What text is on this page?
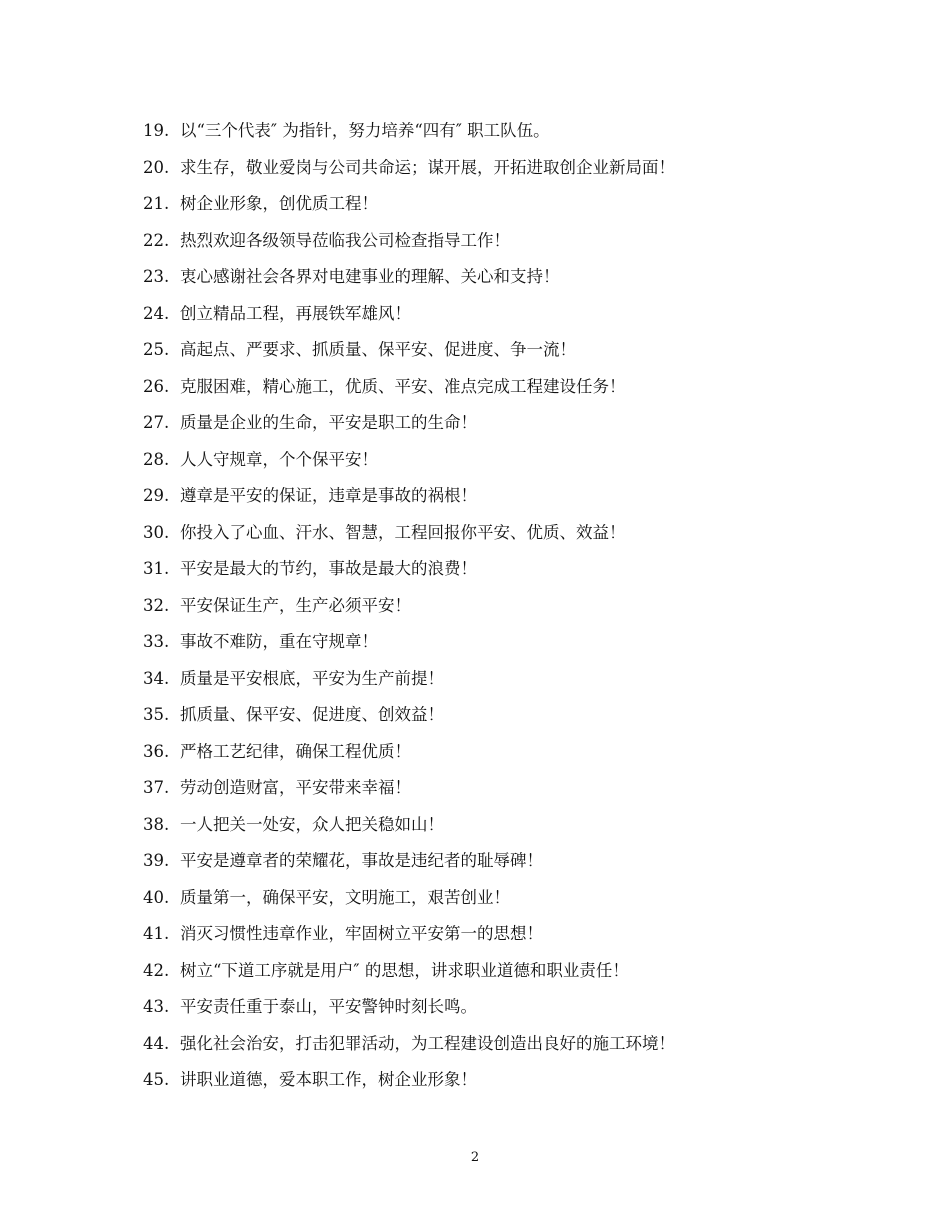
19. 以“三个代表″ 为指针，努力培养“四有″ 职工队伍。
20. 求生存，敬业爱岗与公司共命运；谋开展，开拓进取创企业新局面！
21. 树企业形象，创优质工程！
22. 热烈欢迎各级领导莅临我公司检查指导工作！
23. 衷心感谢社会各界对电建事业的理解、关心和支持！
24. 创立精品工程，再展铁军雄风！
25. 高起点、严要求、抓质量、保平安、促进度、争一流！
26. 克服困难，精心施工，优质、平安、准点完成工程建设任务！
27. 质量是企业的生命，平安是职工的生命！
28. 人人守规章，个个保平安！
29. 遵章是平安的保证，违章是事故的祸根！
30. 你投入了心血、汗水、智慧，工程回报你平安、优质、效益！
31. 平安是最大的节约，事故是最大的浪费！
32. 平安保证生产，生产必须平安！
33. 事故不难防，重在守规章！
34. 质量是平安根底，平安为生产前提！
35. 抓质量、保平安、促进度、创效益！
36. 严格工艺纪律，确保工程优质！
37. 劳动创造财富，平安带来幸福！
38. 一人把关一处安，众人把关稳如山！
39. 平安是遵章者的荣耀花，事故是违纪者的耻辱碑！
40. 质量第一，确保平安，文明施工，艰苦创业！
41. 消灭习惯性违章作业，牢固树立平安第一的思想！
42. 树立“下道工序就是用户″ 的思想，讲求职业道德和职业责任！
43. 平安责任重于泰山，平安警钟时刻长鸣。
44. 强化社会治安，打击犯罪活动，为工程建设创造出良好的施工环境！
45. 讲职业道德，爱本职工作，树企业形象！
2
